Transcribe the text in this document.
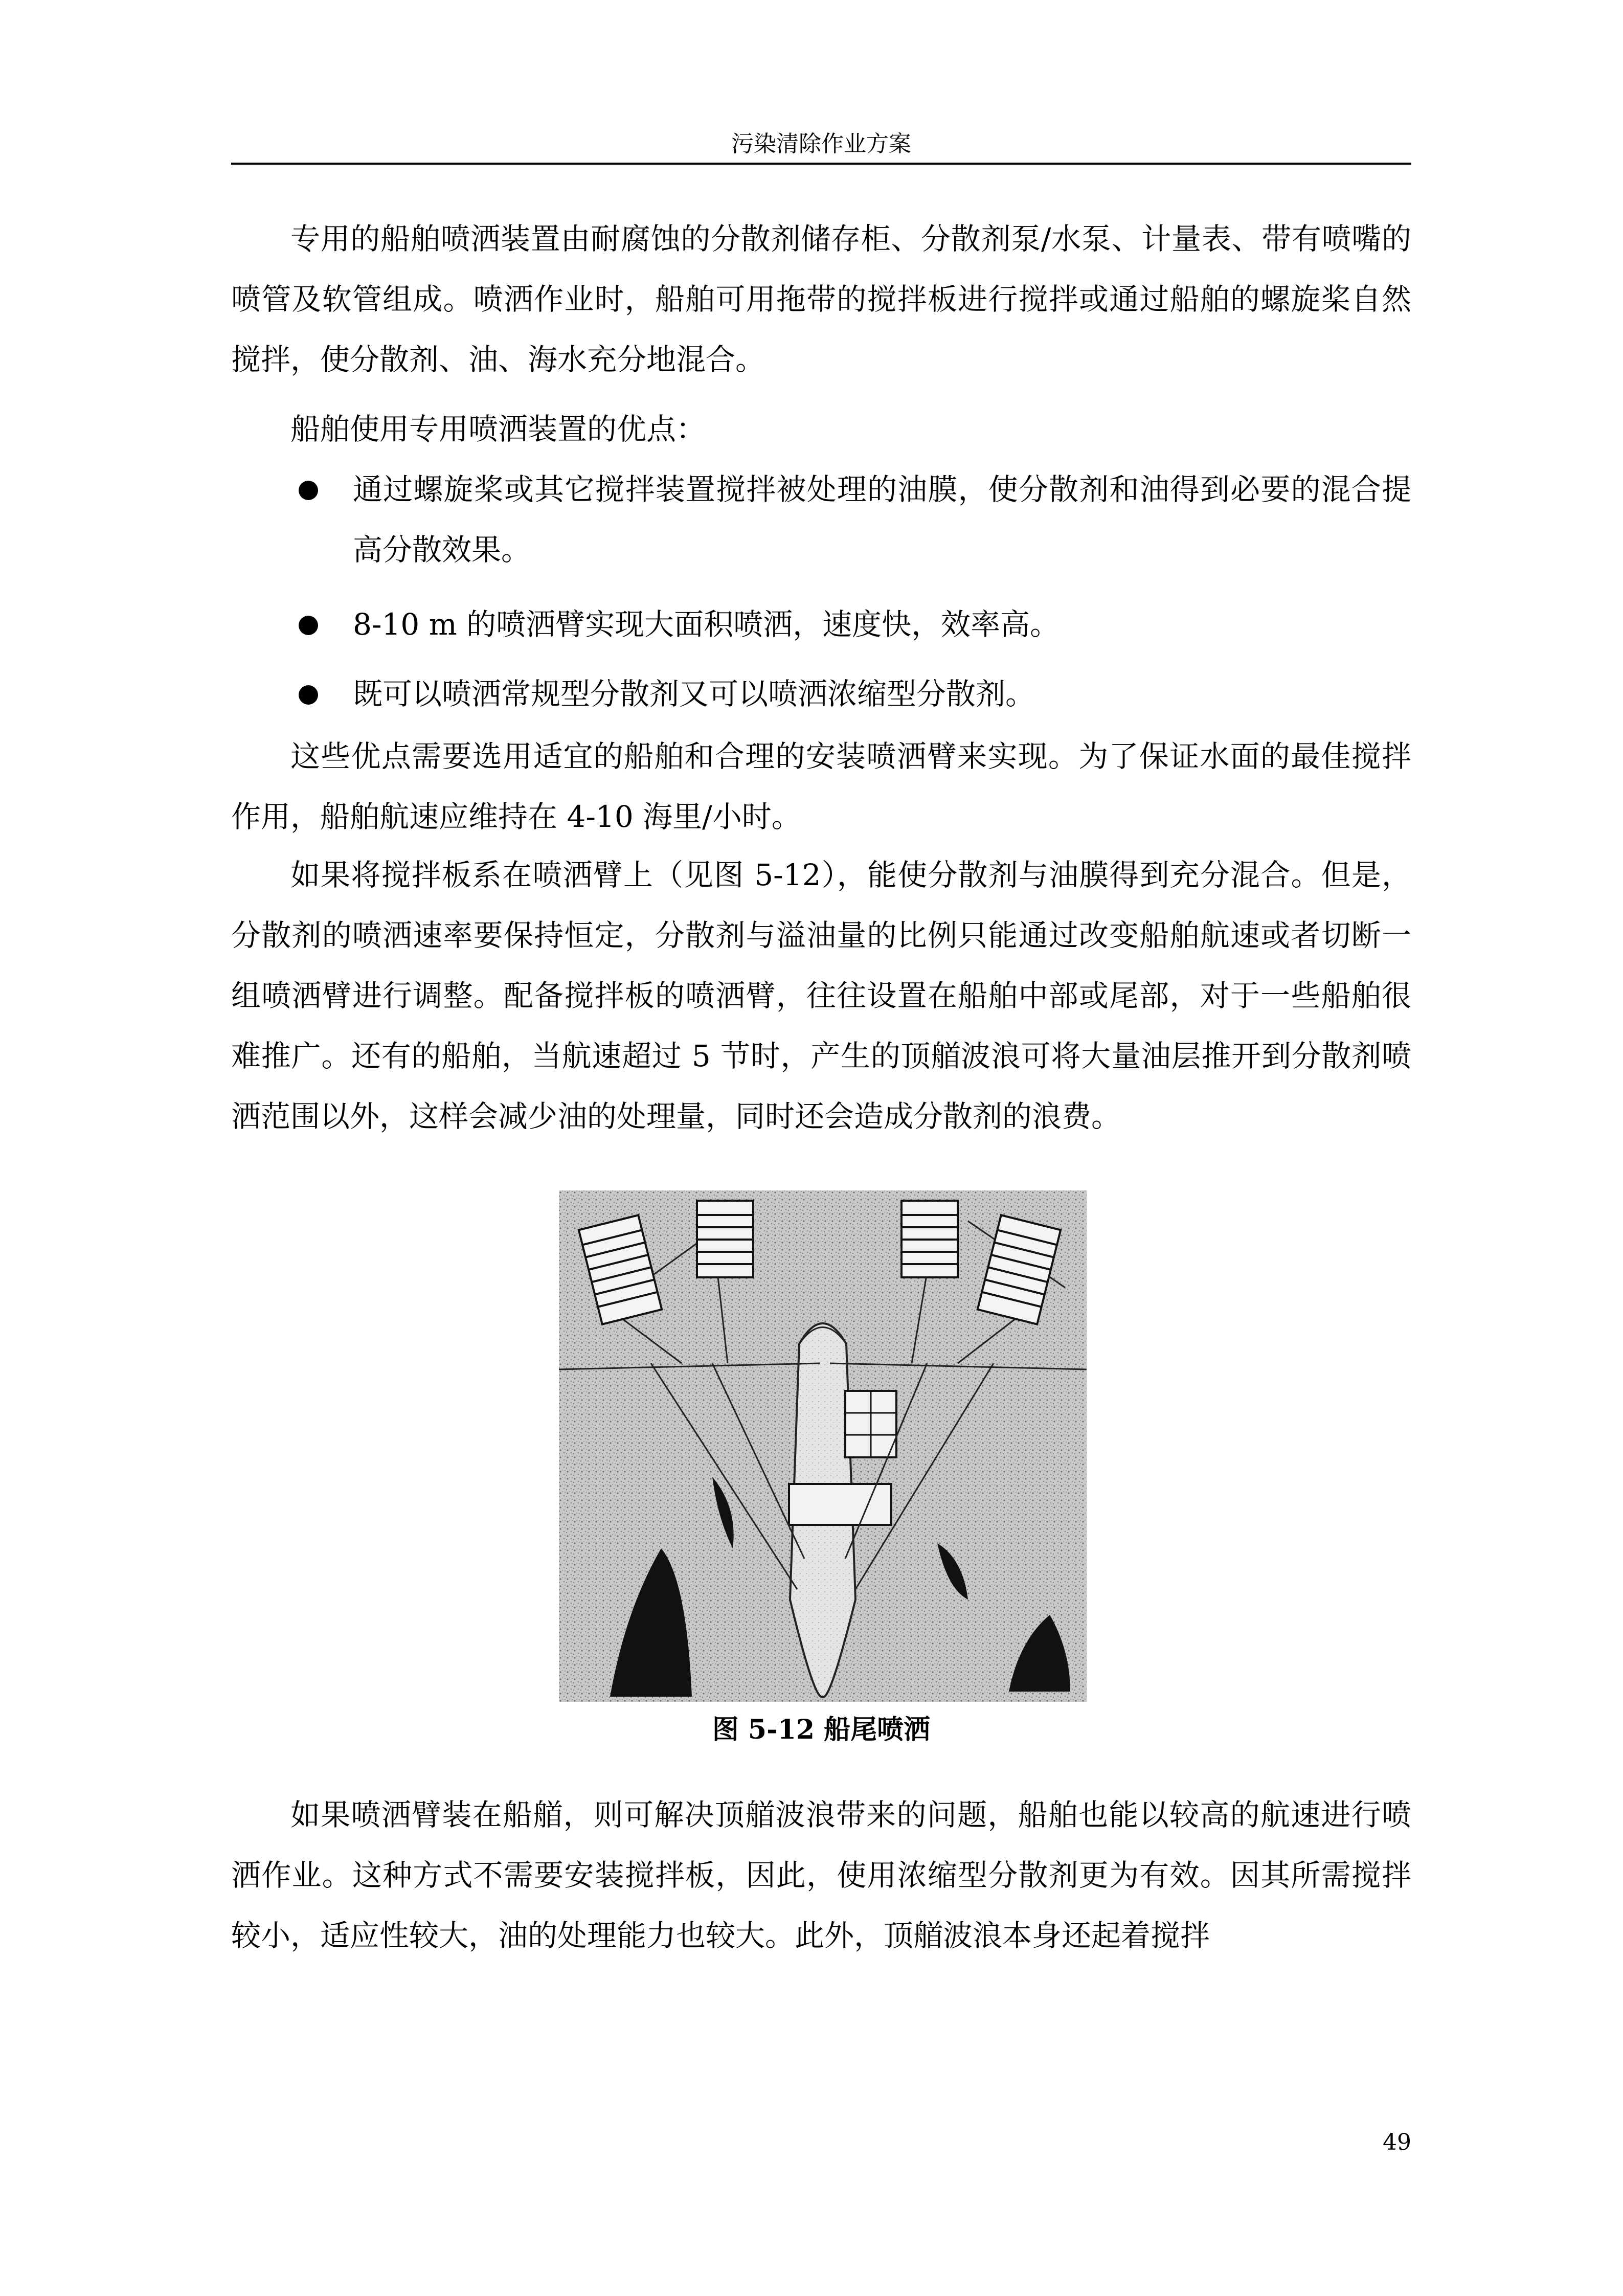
污染清除作业方案

专用的船舶喷洒装置由耐腐蚀的分散剂储存柜、分散剂泵/水泵、计量表、带有喷嘴的喷管及软管组成。喷洒作业时，船舶可用拖带的搅拌板进行搅拌或通过船舶的螺旋桨自然搅拌，使分散剂、油、海水充分地混合。

船舶使用专用喷洒装置的优点：

通过螺旋桨或其它搅拌装置搅拌被处理的油膜，使分散剂和油得到必要的混合提高分散效果。
8-10 m 的喷洒臂实现大面积喷洒，速度快，效率高。
既可以喷洒常规型分散剂又可以喷洒浓缩型分散剂。

这些优点需要选用适宜的船舶和合理的安装喷洒臂来实现。为了保证水面的最佳搅拌作用，船舶航速应维持在 4-10 海里/小时。

如果将搅拌板系在喷洒臂上（见图 5-12），能使分散剂与油膜得到充分混合。但是，分散剂的喷洒速率要保持恒定，分散剂与溢油量的比例只能通过改变船舶航速或者切断一组喷洒臂进行调整。配备搅拌板的喷洒臂，往往设置在船舶中部或尾部，对于一些船舶很难推广。还有的船舶，当航速超过 5 节时，产生的顶艏波浪可将大量油层推开到分散剂喷洒范围以外，这样会减少油的处理量，同时还会造成分散剂的浪费。

图 5-12 船尾喷洒

如果喷洒臂装在船艏，则可解决顶艏波浪带来的问题，船舶也能以较高的航速进行喷洒作业。这种方式不需要安装搅拌板，因此，使用浓缩型分散剂更为有效。因其所需搅拌较小，适应性较大，油的处理能力也较大。此外，顶艏波浪本身还起着搅拌

49
